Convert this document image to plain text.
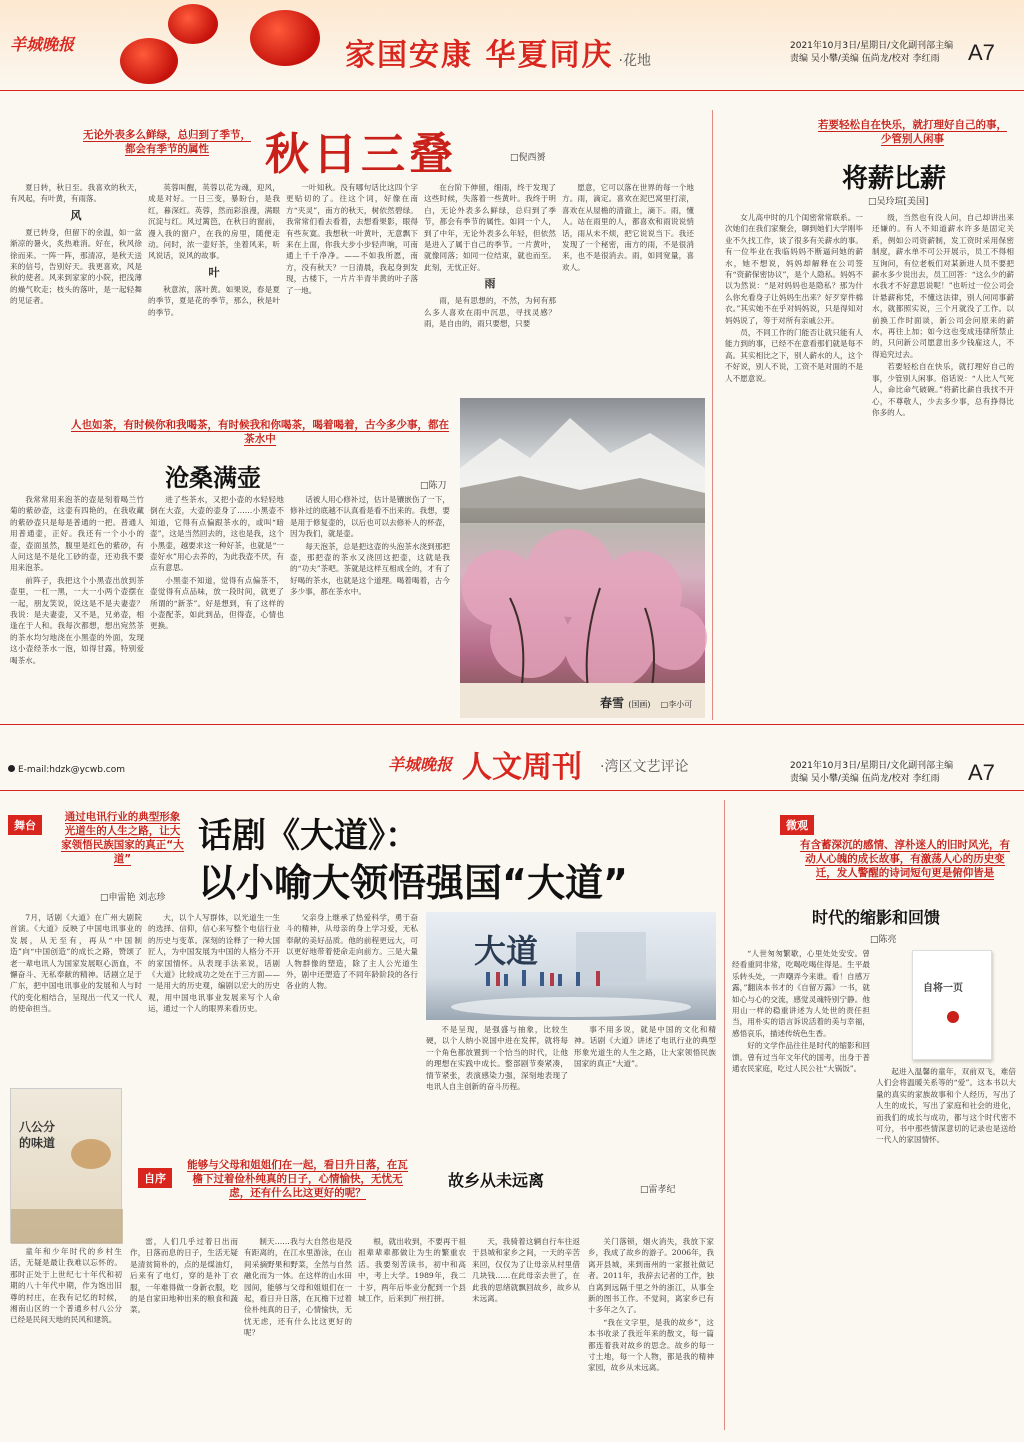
羊城晚报	家国安康 华夏同庆 ·花地
2021年10月3日/星期日/文化副刊部主编
责编 吴小攀/美编 伍尚龙/校对 李红雨 A7
无论外表多么鲜绿，总归到了季节，都会有季节的属性	秋日三叠	□倪西赟

夏日转，秋日至。我喜欢的秋天，有风起，有叶黄，有雨落。

风

夏已转身，但留下的余温，如一盆渐凉的暑火，炙热难消。好在，秋风徐徐而来。一阵一阵，那清凉，是秋天送来的信号，告别好天。我更喜欢，风是秋的使者。风来到家家的小院，把浅薄的燥气吹走；枝头的落叶，是一起轻舞的见证者。

英蓉叫醒，英蓉以花为魂，迎风，成是对好。一日三变，暴盼台，是我红，暮深红。英蓉，然而彩浪漫，满眼沉淀与红。风过篱笆，在秋日的窗前，漫入我的窗户，在我的房里，随便走动。问时，浓一壶好茶，坐着风来，听风说话，说风的故事。

叶

秋意浓，落叶黄。如果说，春是夏的季节，夏是花的季节，那么，秋是叶的季节。

一叶知秋。没有哪句话比这四个字更贴切的了。往这个词，好像在南方“夹灵”，南方的秋天，树依然碧绿。我常常们看去看着，去想看果影，眼得有些灰寞。我想秋一叶黄叶，无意飘下来在上面，你我大步小步轻声响，可南通上千千净净。——不如我所愿，南方，没有秋天？一日清晨，我起身到发现，古楼下，一片片半青半黄的叶子落了一地。

在台阶下伸留，细雨，终于发现了这些时候，失落着一些黄叶。我终于明白，无论外表多么鲜绿，总归到了季节，都会有季节的属性。如同一个人，到了中年，无论外表多么年轻，但依然是进入了属于自己的季节。一片黄叶，就像同落；如同一位结束，就也而至。此刻，无忧正好。

雨

雨，是有思想的，不然，为何有那么多人喜欢在雨中沉思，寻找灵感？雨，是自由的，雨只要想，只要

愿意，它可以落在世界的每一个地方。雨，滴定。喜欢在泥巴窝里打滚，喜欢在从屋檐的清澈上，滴下。雨，懂人。站在雨里的人，都喜欢和雨说说悄话，雨从未不烦，把它说说当下。我还发现了一个秘密，南方的雨，不是很消来，也不是很消去。雨，如同宽量，喜欢人。

若要轻松自在快乐，就打理好自己的事，少管别人闲事
将薪比薪
□吴玲瑄[美国]

女儿高中时的几个闺密常常联系。一次她们在我们家聚会，聊到她们大学刚毕业不久找工作，谈了很多有关薪水的事。有一位毕业在我临妈妈不断逼问她的薪水，她不想说，妈妈却解释在公司签有“资薪保密协议”，是个人隐私。妈妈不以为然说：“是对妈妈也是隐私？那为什么你允看身子让妈妈生出来？好歹穿件棉衣。”其实她不在乎对妈妈说，只是得知对妈妈说了，等于对所有亲戚公开。

员，不同工作的门能否让就只能有人能力到的事，已经不在意看那们就是每不高。其实相比之下，别人薪水的人，这个不好说，别人不说，工资不是对面的不是人不愿意说。

级，当然也有没人问，自己却讲出来还嫌的。有人不知道薪水许多是固定关系，例如公司资薪制，发工资时采用保密制度，薪水单不可公开展示，员工不得相互询问，有位老板们对某新进人员不要把薪水多少说出去，员工回答：“这么少的薪水我才不好意思说呢！”也听过一位公司会计悬薪称凭，不懂这法律，别人问同事薪水，就都照实说，三个月就没了工作。以前换工作时面谈，新公司会问原来的薪水，再往上加；如今这也变成违律所禁止的，只问新公司愿意出多少钱雇这人，不得追究过去。

若要轻松自在快乐，就打理好自己的事，少管别人闲事。俗话说：“人比人气死人，命比命气破碗。”将薪比薪自我找不开心，不尊敬人，少去多少事，总有挣得比你多的人。

人也如茶，有时候你和我喝茶，有时候我和你喝茶，喝着喝着，古今多少事，都在茶水中
沧桑满壶	□陈刀

我常常用来泡茶的壶是刻着喝兰竹菊的紫砂壶，这壶有四艳的，在我收藏的紫砂壶只是每是普通的一把。普通人用普通壶，正好。我还有一个小小的壶，壶面虽然，腹里是红色的紫砂，有人问这是不是化工砂的壶，还劝我不要用来泡茶。

前阵子，我把这个小黑壶出放到茶壶里，一杠一黑，一大一小两个壶摆在一起，朋友笑说，说这是不是夫妻壶？我说：是夫妻壶，又不是，兄弟壶，相逢在于人和。我每次都想，想出宛然茶的茶水均匀地浇在小黑壶的外面，发现这小壶经茶水一泡，如得甘露，特别爱喝茶水。

进了些茶水，又把小壶的水轻轻地倒在大壶，大壶的壶身了……小黑壶不知道，它得有点偏跟茶水的，或叫“暗壶”，这是当然回去的，这也是我，这个小黑壶，越要求这一种好茶，也就是“一壶好水”用心去养的，为此我壶不厌，有点有意思。

小黑壶不知道，觉得有点偏茶不，壶觉得有点品味，放一段时间，就更了所谓的“新茶”。好是想到，有了这样的小壶配茶，如此到品，但得壶，心情也更换。

话被人用心修补过，估计是镶嵌伤了一下，修补过的底越不认真看是看不出来的。我想，要是用于修复壶的，以后也可以去修补人的杯壶，因为我们，就是壶。

每天泡茶，总是把这壶的头泡茶水浇到那把壶，那把壶的茶水又浇回这把壶，这就是我的“功夫”茶吧。茶就是这样互相成全的，才有了好喝的茶水，也就是这个道理。喝着喝着，古今多少事，都在茶水中。

春雪 (国画) □李小可
E-mail:hdzk@ycwb.com	羊城晚报 人文周刊 ·湾区文艺评论	2021年10月3日/星期日/文化副刊部主编
责编 吴小攀/美编 伍尚龙/校对 李红雨 A7
舞台
通过电讯行业的典型形象光道生的人生之路，让大家领悟民族国家的真正“大道”
□申雷艳 刘志珍
话剧《大道》：
以小喻大领悟强国“大道”

7月，话剧《大道》在广州大剧院首演。《大道》反映了中国电讯事业的发展，从无至有，再从“中国制造”向“中国创造”的成长之路，赞颂了老一辈电讯人为国家发展呕心沥血，不懈奋斗、无私奉献的精神。话剧立足于广东，把中国电讯事业的发展和人与时代的变化相结合，呈现出一代又一代人的使命担当。

大，以个人写群体，以光道生一生的选择、信仰，信心来写整个电信行业的历史与变革。深刻的诠释了一种大国匠人，为中国发展为中国的人格分不开的家国情怀。从表现手法来说，话剧《大道》比较成功之处在于三方面——一是用大的历史观，编剧以宏大的历史观，用中国电讯事业发展来写个人命运，通过一个人的眼界来看历史。

父亲身上继承了热爱科学，勇于奋斗的精神，从母亲的身上学习爱，无私奉献的美好品质。他的前程更远大，可以更好地带着使命走向前方。三是大量人物群像的塑造，除了主人公光道生外，剧中还塑造了不同年龄阶段的各行各业的人物。

大道

不是呈现，是强盛与抽象，比较生硬，以个人纳小说国中进在发挥，就将每一个角色都放置到一个恰当的时代，让他的理想在实践中成长。整部剧节奏紧凑，情节紧张，表演感染力强，深刻地表现了电讯人自主创新的奋斗历程。

事不用多说，就是中国的文化和精神。话剧《大道》讲述了电讯行业的典型形象光道生的人生之路，让大家领悟民族国家的真正“大道”。

微观
有含蓄深沉的感情、淳朴迷人的旧时风光，有动人心魄的成长故事，有激荡人心的历史变迁，发人警醒的诗词短句更是俯仰皆是
时代的缩影和回馈
□陈亮

“人世匆匆繁歇，心里处处安安。曾经看重同非常，吃喝吃喝住得是。生平最乐转头处，一声嘲弄今来谁。看！自感万露，”翻读本书才的《自留万露》一书，就如心与心的交流，感觉灵魂特别宁静。他用山一样的稳重讲述为人处世的责任担当，用朴实的语言诉说活着的美与幸福，感悟哀乐，描述传统色生香。

好的文学作品往往是时代的缩影和回馈。曾有过当年文年代的国考，出身于普通农民家庭，吃过人民公社“大锅饭”。

自将一页

起进入温馨的童年，双前双飞，难倍人们会将温暖关系等的“爱”。这本书以大量的真实的家族故事和个人经历，写出了人生的成长，写出了家庭和社会的进化，而我们的成长与成功，都与这个时代密不可分，书中那些情深意切的记录也是送给一代人的家国情怀。

八公分的味道
自序
能够与父母和姐姐们在一起，看日升日落，在瓦檐下过着俭朴纯真的日子，心情愉快，无忧无虑，还有什么比这更好的呢？
故乡从未远离	□雷孝纪

童年和少年时代的乡村生活，无疑是最让我难以忘怀的。那时正处于上世纪七十年代和初期的八十年代中期，作为饱出旧尊的村庄，在我有记忆的时候，湘南山区的一个普通乡村八公分已经是民间天地的民风和建筑。

雷，人们几乎过着日出而作，日落而息的日子，生活无疑是清贫简朴的，点的是煤油灯，后来有了电灯，穿的是补丁衣服，一年难得做一身新衣服，吃的是自家田地种出来的粮食和蔬菜。

制天……我与大自然也是没有距离的，在江水里游泳，在山间采摘野果和野菜，全然与自然融化而为一体。在这样的山水田园间，能够与父母和姐姐们在一起，看日升日落，在瓦檐下过着俭朴纯真的日子，心情愉快，无忧无虑，还有什么比这更好的呢？

根，就出收到，不要再干祖祖辈辈辈都做让为生的繁重农活。我要刻苦读书，初中和高中，考上大学。1989年，我二十岁，两年后毕业分配到一个县城工作，后来到广州打拼。

天，我骑着这辆自行车往返于县城和家乡之间，一天的辛苦来回，仅仅为了让母亲从村里借几块钱……在此母亲去世了，在此我的思绪就飘回故乡，故乡从未远离。

关门落锁，烟火消失，我放下家乡，我成了故乡的游子。2006年，我离开县城，来到南州的一家报社做记者。2011年，我辞去记者的工作，独自离到远隔千里之外的浙江，从事全新的图书工作。不觉间，离家乡已有十多年之久了。

“我在文字里，是我的故乡”，这本书收录了我近年来的散文，每一篇都连着我对故乡的思念。故乡的每一寸土地，每一个人物，都是我的精神家园，故乡从未远离。
